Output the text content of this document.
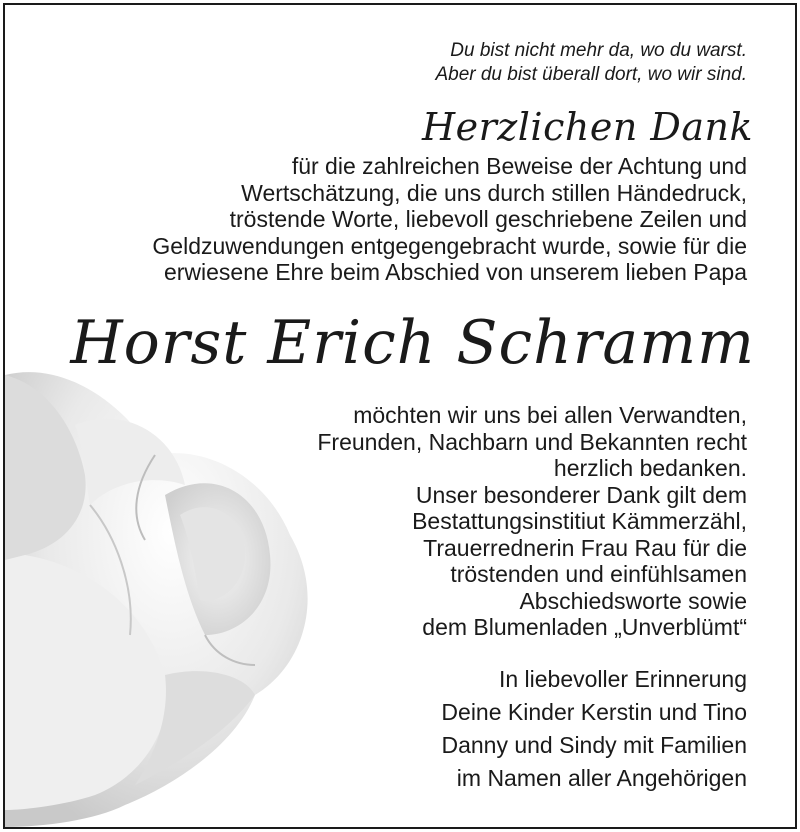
Du bist nicht mehr da, wo du warst.
Aber du bist überall dort, wo wir sind.
Herzlichen Dank
für die zahlreichen Beweise der Achtung und
Wertschätzung, die uns durch stillen Händedruck,
tröstende Worte, liebevoll geschriebene Zeilen und
Geldzuwendungen entgegengebracht wurde, sowie für die
erwiesene Ehre beim Abschied von unserem lieben Papa
Horst Erich Schramm
möchten wir uns bei allen Verwandten,
Freunden, Nachbarn und Bekannten recht
herzlich bedanken.
Unser besonderer Dank gilt dem
Bestattungsinstitiut Kämmerzähl,
Trauerrednerin Frau Rau für die
tröstenden und einfühlsamen
Abschiedsworte sowie
dem Blumenladen „Unverblümt“
In liebevoller Erinnerung
Deine Kinder Kerstin und Tino
Danny und Sindy mit Familien
im Namen aller Angehörigen
